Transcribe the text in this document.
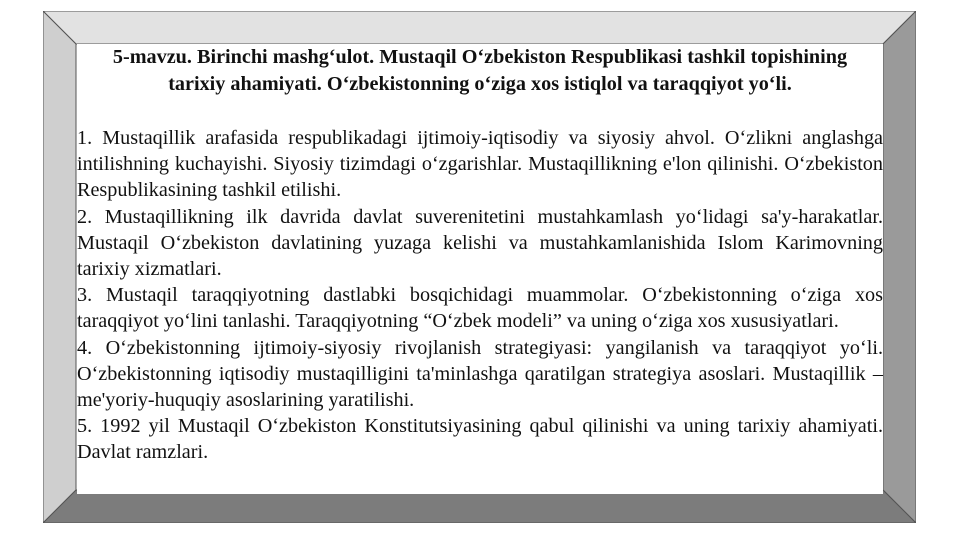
5-mavzu. Birinchi mashg‘ulot. Mustaqil O‘zbekiston Respublikasi tashkil topishining
tarixiy ahamiyati. O‘zbekistonning o‘ziga xos istiqlol va taraqqiyot yo‘li.

1. Mustaqillik arafasida respublikadagi ijtimoiy-iqtisodiy va siyosiy ahvol. O‘zlikni anglashga intilishning kuchayishi. Siyosiy tizimdagi o‘zgarishlar. Mustaqillikning e'lon qilinishi. O‘zbekiston Respublikasining tashkil etilishi.

2. Mustaqillikning ilk davrida davlat suverenitetini mustahkamlash yo‘lidagi sa'y-harakatlar. Mustaqil O‘zbekiston davlatining yuzaga kelishi va mustahkamlanishida Islom Karimovning tarixiy xizmatlari.

3. Mustaqil taraqqiyotning dastlabki bosqichidagi muammolar. O‘zbekistonning o‘ziga xos taraqqiyot yo‘lini tanlashi. Taraqqiyotning “O‘zbek modeli” va uning o‘ziga xos xususiyatlari.

4. O‘zbekistonning ijtimoiy-siyosiy rivojlanish strategiyasi: yangilanish va taraqqiyot yo‘li. O‘zbekistonning iqtisodiy mustaqilligini ta'minlashga qaratilgan strategiya asoslari. Mustaqillik – me'yoriy-huquqiy asoslarining yaratilishi.

5. 1992 yil Mustaqil O‘zbekiston Konstitutsiyasining qabul qilinishi va uning tarixiy ahamiyati. Davlat ramzlari.
